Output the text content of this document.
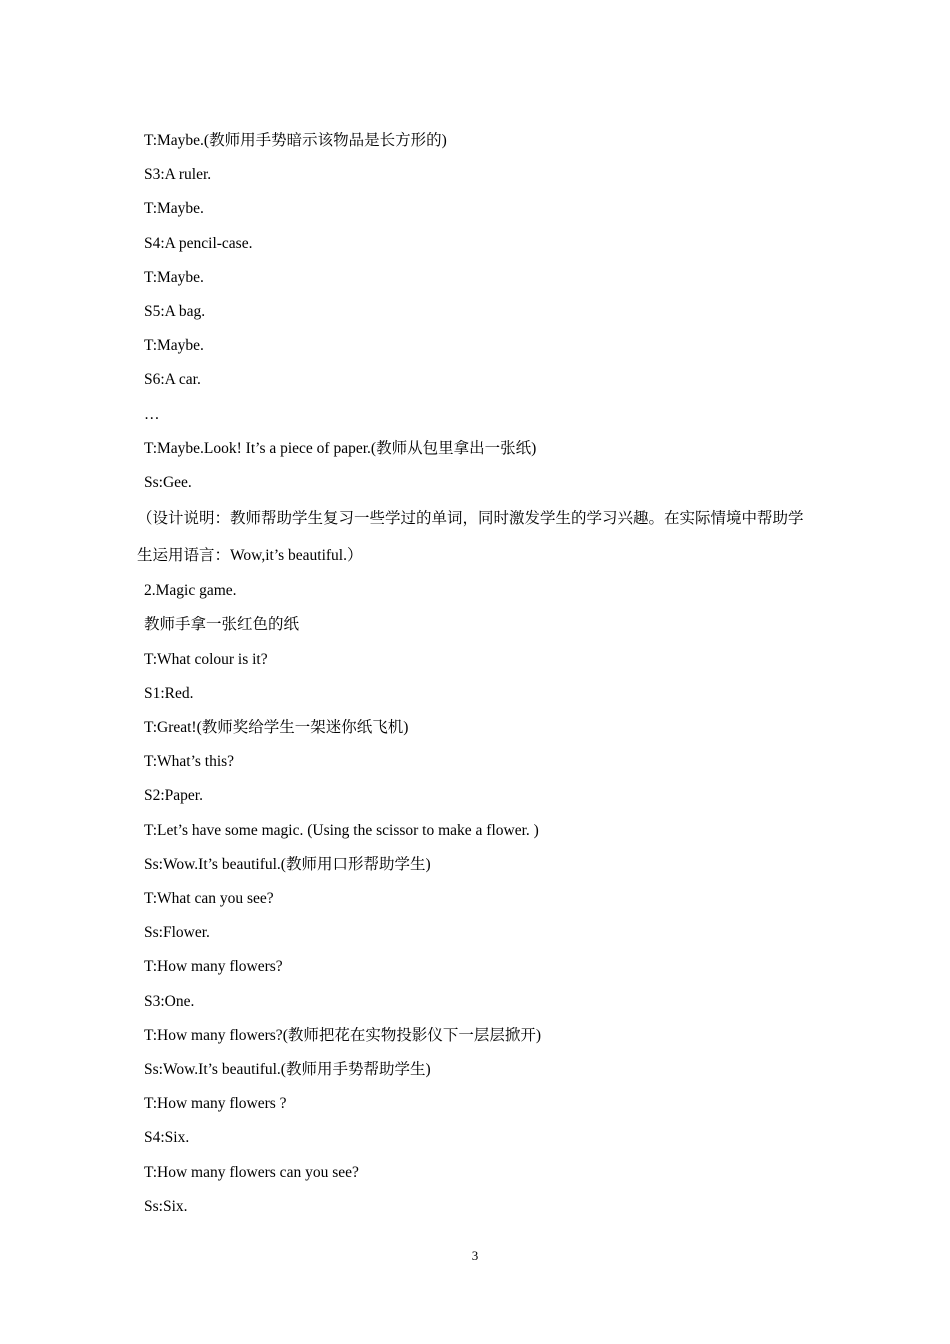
T:Maybe.(教师用手势暗示该物品是长方形的)
S3:A ruler.
T:Maybe.
S4:A pencil-case.
T:Maybe.
S5:A bag.
T:Maybe.
S6:A car.
…
T:Maybe.Look! It’s a piece of paper.(教师从包里拿出一张纸)
Ss:Gee.
（设计说明：教师帮助学生复习一些学过的单词，同时激发学生的学习兴趣。在实际情境中帮助学生运用语言：Wow,it’s beautiful.）
2.Magic game.
教师手拿一张红色的纸
T:What colour is it?
S1:Red.
T:Great!(教师奖给学生一架迷你纸飞机)
T:What’s this?
S2:Paper.
T:Let’s have some magic. (Using the scissor to make a flower. )
Ss:Wow.It’s beautiful.(教师用口形帮助学生)
T:What can you see?
Ss:Flower.
T:How many flowers?
S3:One.
T:How many flowers?(教师把花在实物投影仪下一层层掀开)
Ss:Wow.It’s beautiful.(教师用手势帮助学生)
T:How many flowers ?
S4:Six.
T:How many flowers can you see?
Ss:Six.
3
